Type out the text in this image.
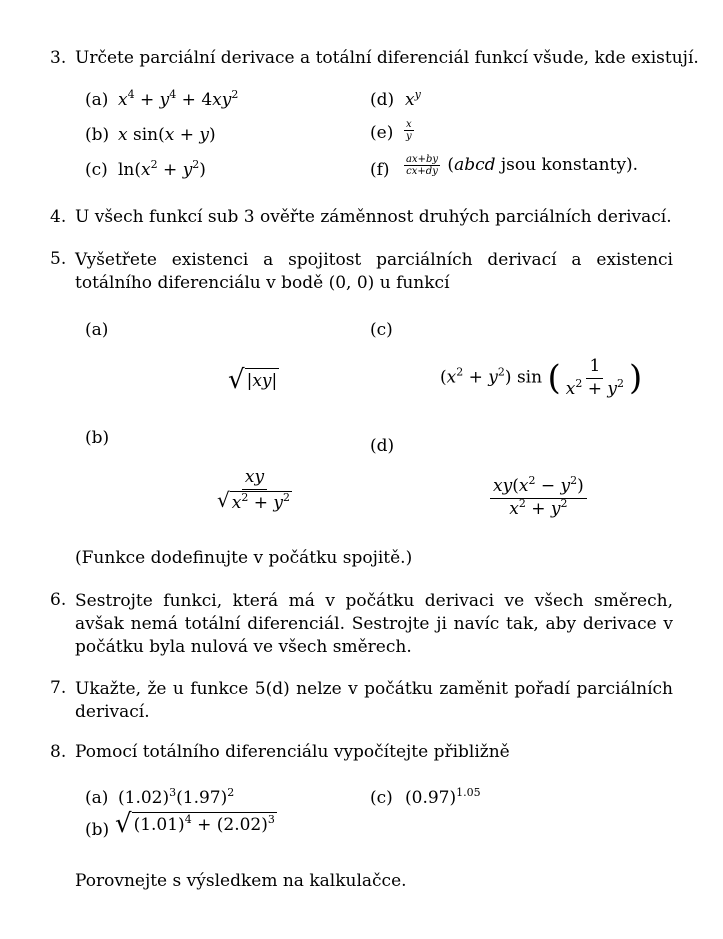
3. Určete parciální derivace a totální diferenciál funkcí všude, kde existují.
(a) $x^4 + y^4 + 4xy^2$
(b) x sin(x + y)
(c) $\ln(x^2 + y^2)$
(d) $x^y$
$(e) \frac{x}{y}$
$(f) \frac{ax+by}{cx+dy}$ (abcd jsou konstanty).
4. U všech funkcí sub 3 ověřte záměnnost druhých parciálních derivací.
5. Vyšetřete existenci a spojitost parciálních derivací a existenci totálního diferenciálu v bodě (0, 0) u funkcí
(a)
√ |xy|
(c)
$(x^2 + y^2)$ sin ( $\frac{1}{x^2 + y^2}$ )
(b)
$\frac{xy}{√ x^2 + y^2}$
(d)
$\frac{xy(x^2 - y^2)}{x^2 + y^2}$
(Funkce dodefinujte v počátku spojitě.)
6. Sestrojte funkci, která má v počátku derivaci ve všech směrech, avšak nemá totální diferenciál. Sestrojte ji navíc tak, aby derivace v počátku byla nulová ve všech směrech.
7. Ukažte, že u funkce 5(d) nelze v počátku zaměnit pořadí parciálních derivací.
8. Pomocí totálního diferenciálu vypočítejte přibližně
(a) $(1.02)^3(1.97)^2$	(c) $(0.97)^{1.05}$
(b) √ $(1.01)^4 + (2.02)^3$
Porovnejte s výsledkem na kalkulačce.
